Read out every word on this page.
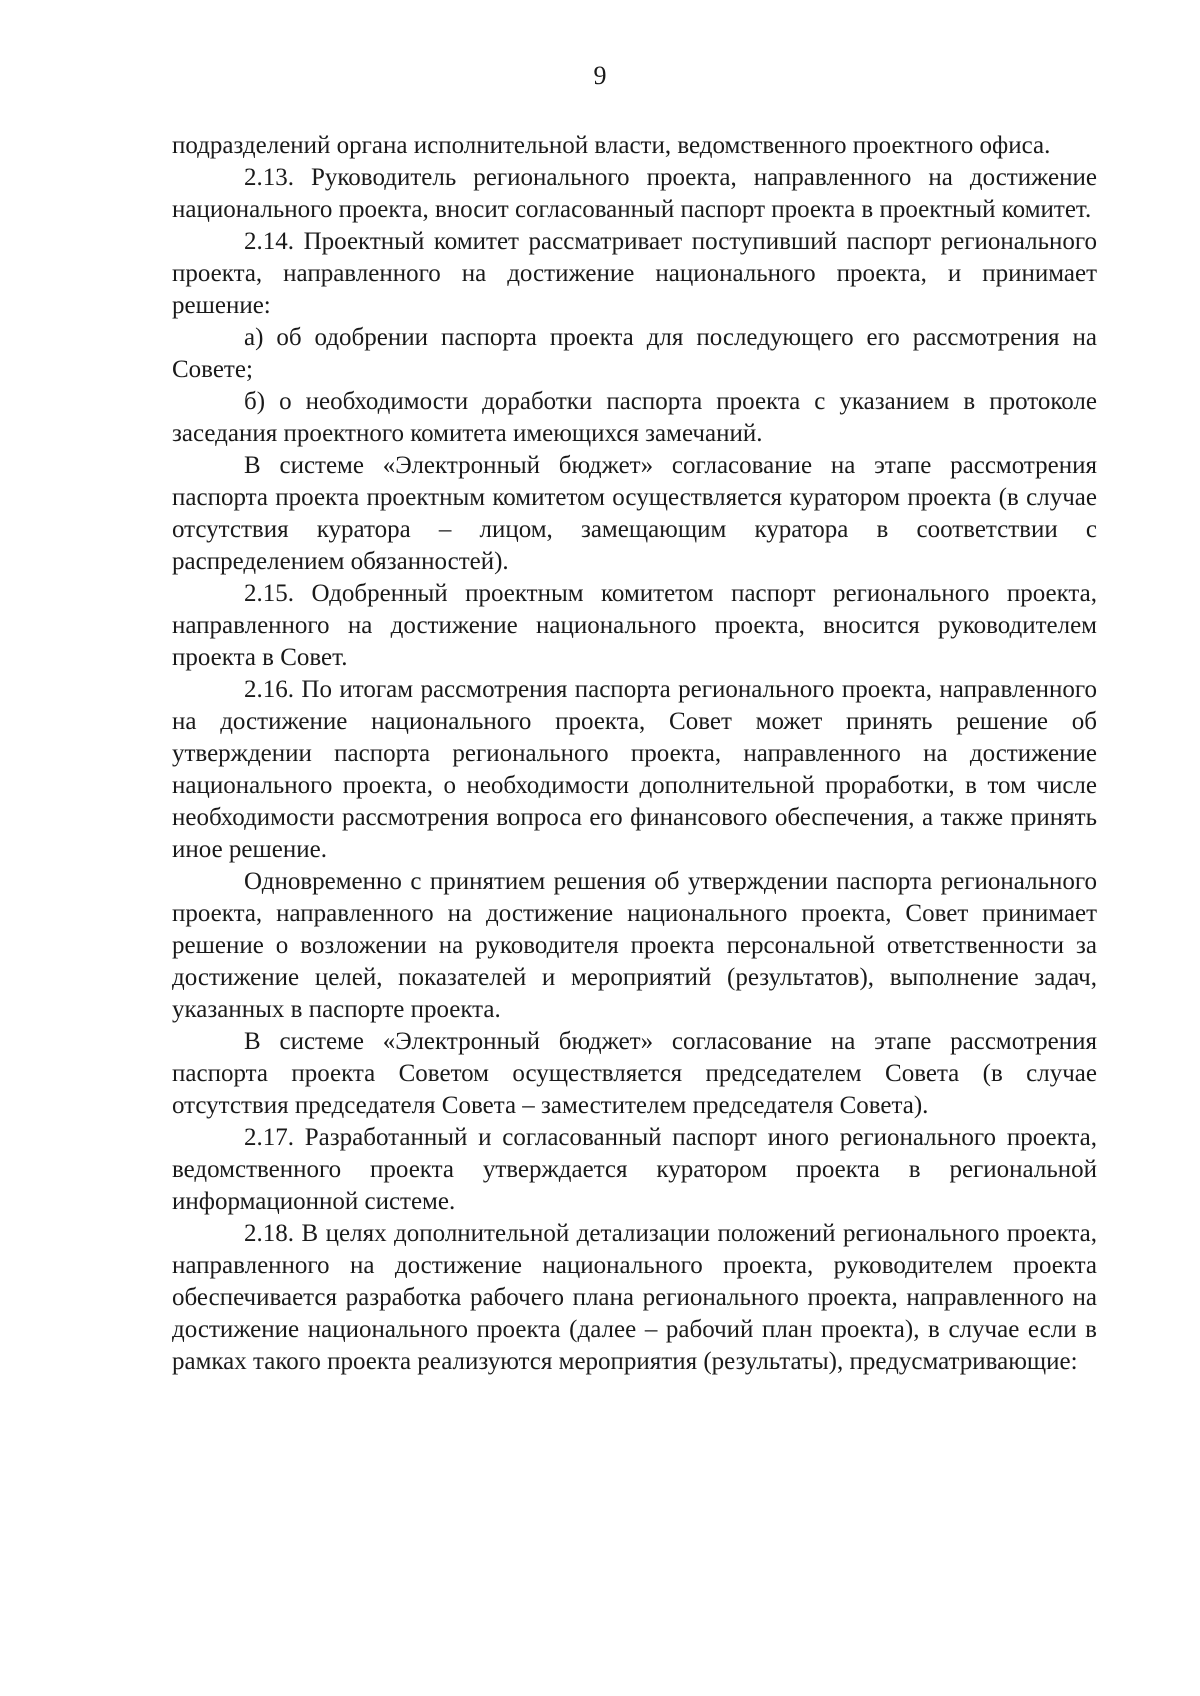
9

подразделений органа исполнительной власти, ведомственного проектного офиса.

2.13. Руководитель регионального проекта, направленного на достижение национального проекта, вносит согласованный паспорт проекта в проектный комитет.

2.14. Проектный комитет рассматривает поступивший паспорт регионального проекта, направленного на достижение национального проекта, и принимает решение:

а) об одобрении паспорта проекта для последующего его рассмотрения на Совете;

б) о необходимости доработки паспорта проекта с указанием в протоколе заседания проектного комитета имеющихся замечаний.

В системе «Электронный бюджет» согласование на этапе рассмотрения паспорта проекта проектным комитетом осуществляется куратором проекта (в случае отсутствия куратора – лицом, замещающим куратора в соответствии с распределением обязанностей).

2.15. Одобренный проектным комитетом паспорт регионального проекта, направленного на достижение национального проекта, вносится руководителем проекта в Совет.

2.16. По итогам рассмотрения паспорта регионального проекта, направленного на достижение национального проекта, Совет может принять решение об утверждении паспорта регионального проекта, направленного на достижение национального проекта, о необходимости дополнительной проработки, в том числе необходимости рассмотрения вопроса его финансового обеспечения, а также принять иное решение.

Одновременно с принятием решения об утверждении паспорта регионального проекта, направленного на достижение национального проекта, Совет принимает решение о возложении на руководителя проекта персональной ответственности за достижение целей, показателей и мероприятий (результатов), выполнение задач, указанных в паспорте проекта.

В системе «Электронный бюджет» согласование на этапе рассмотрения паспорта проекта Советом осуществляется председателем Совета (в случае отсутствия председателя Совета – заместителем председателя Совета).

2.17. Разработанный и согласованный паспорт иного регионального проекта, ведомственного проекта утверждается куратором проекта в региональной информационной системе.

2.18. В целях дополнительной детализации положений регионального проекта, направленного на достижение национального проекта, руководителем проекта обеспечивается разработка рабочего плана регионального проекта, направленного на достижение национального проекта (далее – рабочий план проекта), в случае если в рамках такого проекта реализуются мероприятия (результаты), предусматривающие:
